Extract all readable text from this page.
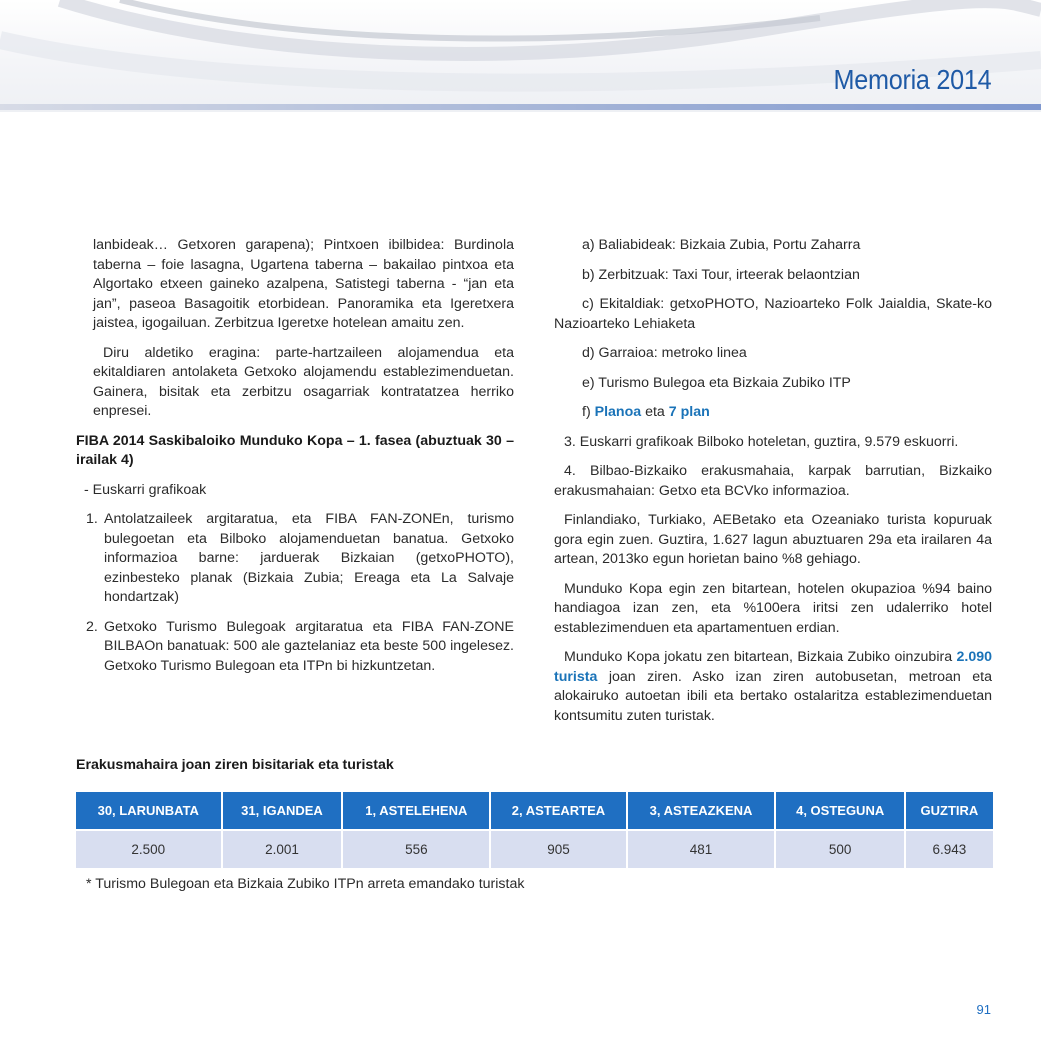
Memoria 2014

lanbideak… Getxoren garapena); Pintxoen ibilbidea: Burdinola taberna – foie lasagna, Ugartena taberna – bakailao pintxoa eta Algortako etxeen gaineko azalpena, Satistegi taberna - “jan eta jan”, paseoa Basagoitik etorbidean. Panoramika eta Igeretxera jaistea, igogailuan. Zerbitzua Igeretxe hotelean amaitu zen.

Diru aldetiko eragina: parte-hartzaileen alojamendua eta ekitaldiaren antolaketa Getxoko alojamendu establezimenduetan. Gainera, bisitak eta zerbitzu osagarriak kontratatzea herriko enpresei.

FIBA 2014 Saskibaloiko Munduko Kopa – 1. fasea (abuztuak 30 – irailak 4)

- Euskarri grafikoak

1. Antolatzaileek argitaratua, eta FIBA FAN-ZONEn, turismo bulegoetan eta Bilboko alojamenduetan banatua. Getxoko informazioa barne: jarduerak Bizkaian (getxoPHOTO), ezinbesteko planak (Bizkaia Zubia; Ereaga eta La Salvaje hondartzak)
2. Getxoko Turismo Bulegoak argitaratua eta FIBA FAN-ZONE BILBAOn banatuak: 500 ale gaztelaniaz eta beste 500 ingelesez. Getxoko Turismo Bulegoan eta ITPn bi hizkuntzetan.

a) Baliabideak: Bizkaia Zubia, Portu Zaharra

b) Zerbitzuak: Taxi Tour, irteerak belaontzian

c) Ekitaldiak: getxoPHOTO, Nazioarteko Folk Jaialdia, Skate-ko Nazioarteko Lehiaketa

d) Garraioa: metroko linea

e) Turismo Bulegoa eta Bizkaia Zubiko ITP

f) Planoa eta 7 plan

3. Euskarri grafikoak Bilboko hoteletan, guztira, 9.579 eskuorri.

4. Bilbao-Bizkaiko erakusmahaia, karpak barrutian, Bizkaiko erakusmahaian: Getxo eta BCVko informazioa.

Finlandiako, Turkiako, AEBetako eta Ozeaniako turista kopuruak gora egin zuen. Guztira, 1.627 lagun abuztuaren 29a eta irailaren 4a artean, 2013ko egun horietan baino %8 gehiago.

Munduko Kopa egin zen bitartean, hotelen okupazioa %94 baino handiagoa izan zen, eta %100era iritsi zen udalerriko hotel establezimenduen eta apartamentuen erdian.

Munduko Kopa jokatu zen bitartean, Bizkaia Zubiko oinzubira 2.090 turista joan ziren. Asko izan ziren autobusetan, metroan eta alokairuko autoetan ibili eta bertako ostalaritza establezimenduetan kontsumitu zuten turistak.

Erakusmahaira joan ziren bisitariak eta turistak
30, LARUNBATA	31, IGANDEA	1, ASTELEHENA	2, ASTEARTEA	3, ASTEAZKENA	4, OSTEGUNA	GUZTIRA
2.500	2.001	556	905	481	500	6.943
* Turismo Bulegoan eta Bizkaia Zubiko ITPn arreta emandako turistak
91
